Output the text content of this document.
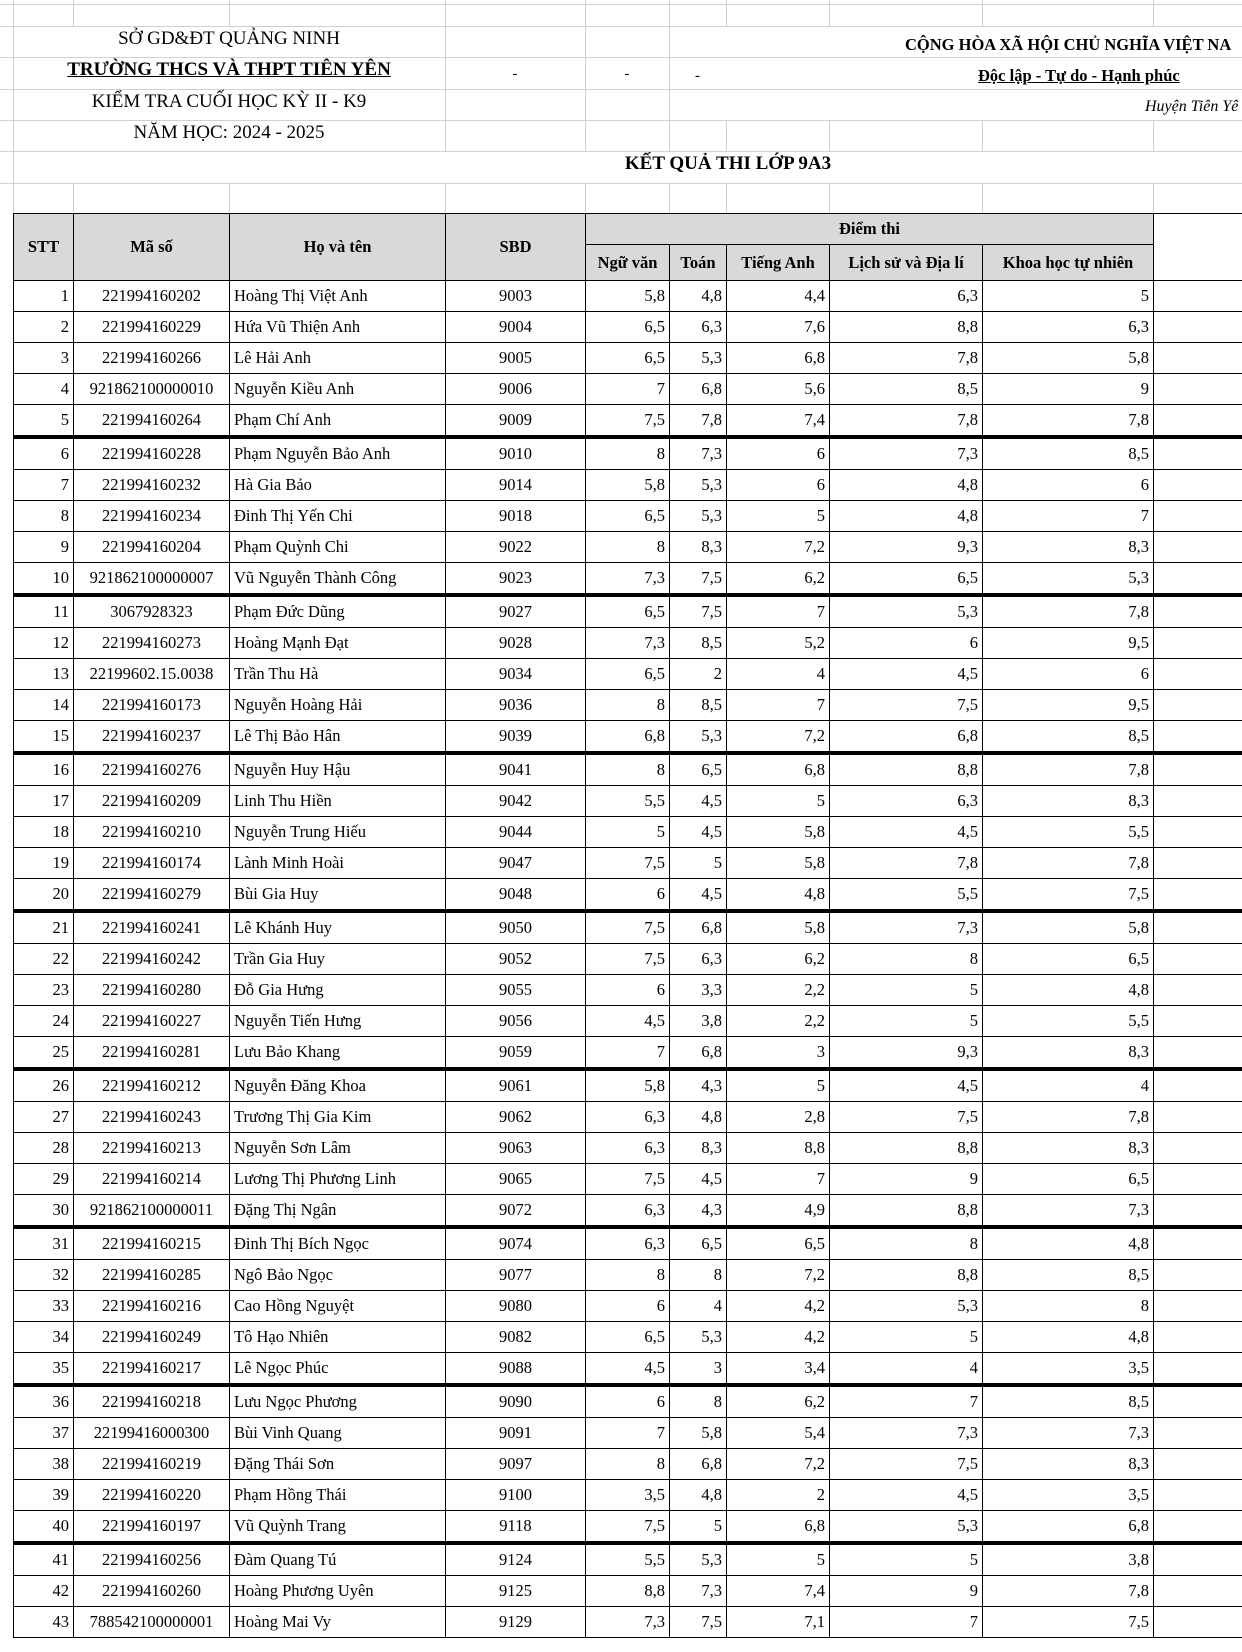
SỞ GD&ĐT QUẢNG NINH
TRƯỜNG THCS VÀ THPT TIÊN YÊN
KIỂM TRA CUỐI HỌC KỲ II - K9
NĂM HỌC: 2024 - 2025
-	-	-
CỘNG HÒA XÃ HỘI CHỦ NGHĨA VIỆT NA
Độc lập - Tự do - Hạnh phúc
Huyện Tiên Yê
KẾT QUẢ THI LỚP 9A3
STT	Mã số	Họ và tên	SBD	Điểm thi					
				Ngữ văn	Toán	Tiếng Anh	Lịch sử và Địa lí	Khoa học tự nhiên	
1	221994160202	Hoàng Thị Việt Anh	9003	5,8	4,8	4,4	6,3	5	
2	221994160229	Hứa Vũ Thiện Anh	9004	6,5	6,3	7,6	8,8	6,3	
3	221994160266	Lê Hải Anh	9005	6,5	5,3	6,8	7,8	5,8	
4	921862100000010	Nguyễn Kiều Anh	9006	7	6,8	5,6	8,5	9	
5	221994160264	Phạm Chí Anh	9009	7,5	7,8	7,4	7,8	7,8	
6	221994160228	Phạm Nguyễn Bảo Anh	9010	8	7,3	6	7,3	8,5	
7	221994160232	Hà Gia Bảo	9014	5,8	5,3	6	4,8	6	
8	221994160234	Đinh Thị Yến Chi	9018	6,5	5,3	5	4,8	7	
9	221994160204	Phạm Quỳnh Chi	9022	8	8,3	7,2	9,3	8,3	
10	921862100000007	Vũ Nguyễn Thành Công	9023	7,3	7,5	6,2	6,5	5,3	
11	3067928323	Phạm Đức Dũng	9027	6,5	7,5	7	5,3	7,8	
12	221994160273	Hoàng Mạnh Đạt	9028	7,3	8,5	5,2	6	9,5	
13	22199602.15.0038	Trần Thu Hà	9034	6,5	2	4	4,5	6	
14	221994160173	Nguyễn Hoàng Hải	9036	8	8,5	7	7,5	9,5	
15	221994160237	Lê Thị Bảo Hân	9039	6,8	5,3	7,2	6,8	8,5	
16	221994160276	Nguyễn Huy Hậu	9041	8	6,5	6,8	8,8	7,8	
17	221994160209	Linh Thu Hiền	9042	5,5	4,5	5	6,3	8,3	
18	221994160210	Nguyễn Trung Hiếu	9044	5	4,5	5,8	4,5	5,5	
19	221994160174	Lành Minh Hoài	9047	7,5	5	5,8	7,8	7,8	
20	221994160279	Bùi Gia Huy	9048	6	4,5	4,8	5,5	7,5	
21	221994160241	Lê Khánh Huy	9050	7,5	6,8	5,8	7,3	5,8	
22	221994160242	Trần Gia Huy	9052	7,5	6,3	6,2	8	6,5	
23	221994160280	Đỗ Gia Hưng	9055	6	3,3	2,2	5	4,8	
24	221994160227	Nguyễn Tiến Hưng	9056	4,5	3,8	2,2	5	5,5	
25	221994160281	Lưu Bảo Khang	9059	7	6,8	3	9,3	8,3	
26	221994160212	Nguyễn Đăng Khoa	9061	5,8	4,3	5	4,5	4	
27	221994160243	Trương Thị Gia Kim	9062	6,3	4,8	2,8	7,5	7,8	
28	221994160213	Nguyễn Sơn Lâm	9063	6,3	8,3	8,8	8,8	8,3	
29	221994160214	Lương Thị Phương Linh	9065	7,5	4,5	7	9	6,5	
30	921862100000011	Đặng Thị Ngân	9072	6,3	4,3	4,9	8,8	7,3	
31	221994160215	Đinh Thị Bích Ngọc	9074	6,3	6,5	6,5	8	4,8	
32	221994160285	Ngô Bảo Ngọc	9077	8	8	7,2	8,8	8,5	
33	221994160216	Cao Hồng Nguyệt	9080	6	4	4,2	5,3	8	
34	221994160249	Tô Hạo Nhiên	9082	6,5	5,3	4,2	5	4,8	
35	221994160217	Lê Ngọc Phúc	9088	4,5	3	3,4	4	3,5	
36	221994160218	Lưu Ngọc Phương	9090	6	8	6,2	7	8,5	
37	22199416000300	Bùi Vinh Quang	9091	7	5,8	5,4	7,3	7,3	
38	221994160219	Đặng Thái Sơn	9097	8	6,8	7,2	7,5	8,3	
39	221994160220	Phạm Hồng Thái	9100	3,5	4,8	2	4,5	3,5	
40	221994160197	Vũ Quỳnh Trang	9118	7,5	5	6,8	5,3	6,8	
41	221994160256	Đàm Quang Tú	9124	5,5	5,3	5	5	3,8	
42	221994160260	Hoàng Phương Uyên	9125	8,8	7,3	7,4	9	7,8	
43	788542100000001	Hoàng Mai Vy	9129	7,3	7,5	7,1	7	7,5	
